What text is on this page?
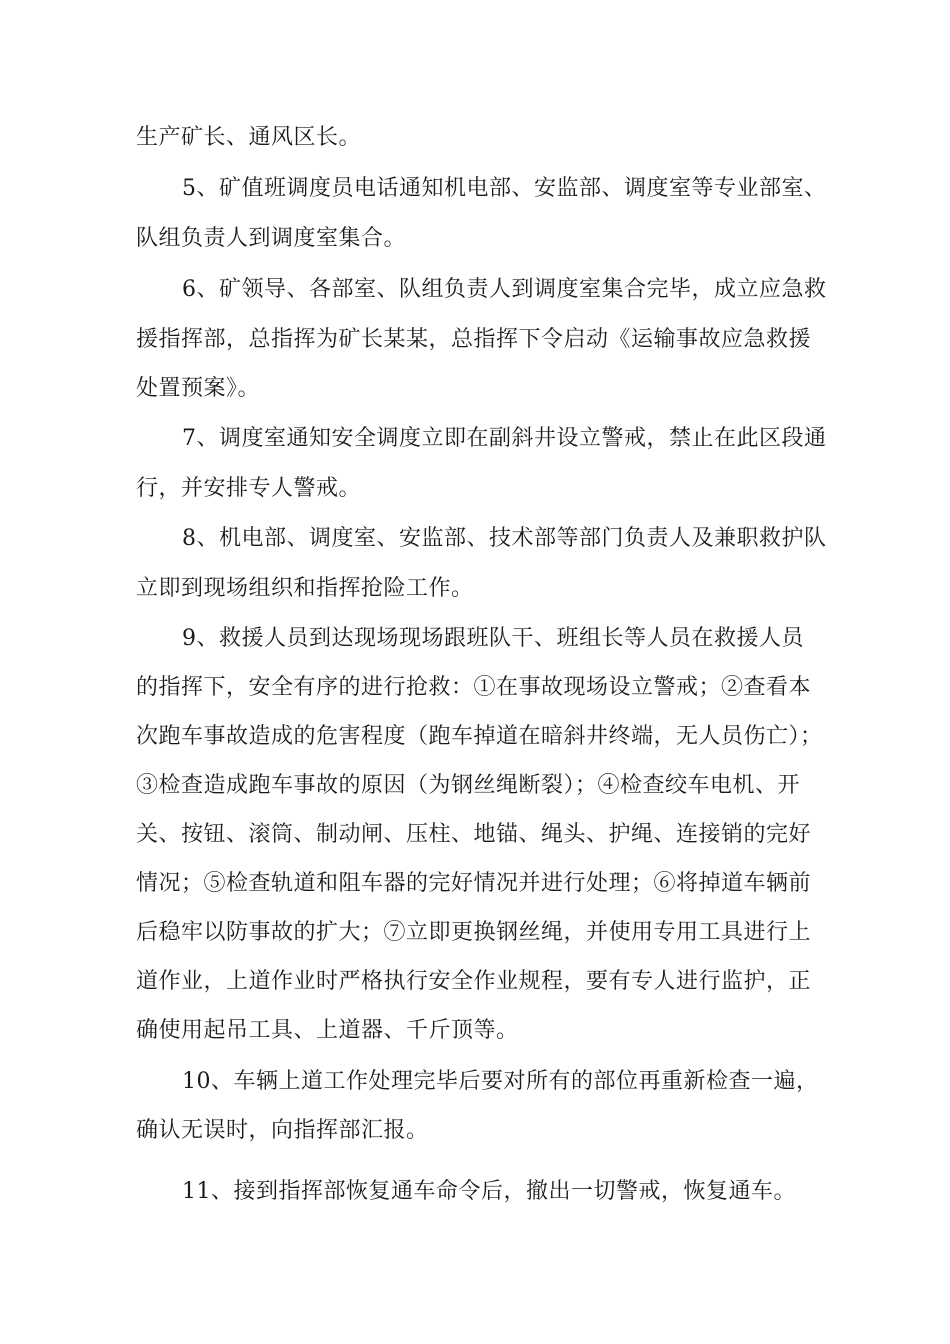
生产矿长、通风区长。
5、矿值班调度员电话通知机电部、安监部、调度室等专业部室、
队组负责人到调度室集合。
6、矿领导、各部室、队组负责人到调度室集合完毕，成立应急救
援指挥部，总指挥为矿长某某，总指挥下令启动《运输事故应急救援
处置预案》。
7、调度室通知安全调度立即在副斜井设立警戒，禁止在此区段通
行，并安排专人警戒。
8、机电部、调度室、安监部、技术部等部门负责人及兼职救护队
立即到现场组织和指挥抢险工作。
9、救援人员到达现场现场跟班队干、班组长等人员在救援人员
的指挥下，安全有序的进行抢救：①在事故现场设立警戒；②查看本
次跑车事故造成的危害程度（跑车掉道在暗斜井终端，无人员伤亡）；
③检查造成跑车事故的原因（为钢丝绳断裂）；④检查绞车电机、开
关、按钮、滚筒、制动闸、压柱、地锚、绳头、护绳、连接销的完好
情况；⑤检查轨道和阻车器的完好情况并进行处理；⑥将掉道车辆前
后稳牢以防事故的扩大；⑦立即更换钢丝绳，并使用专用工具进行上
道作业，上道作业时严格执行安全作业规程，要有专人进行监护，正
确使用起吊工具、上道器、千斤顶等。
10、车辆上道工作处理完毕后要对所有的部位再重新检查一遍，
确认无误时，向指挥部汇报。
11、接到指挥部恢复通车命令后，撤出一切警戒，恢复通车。
